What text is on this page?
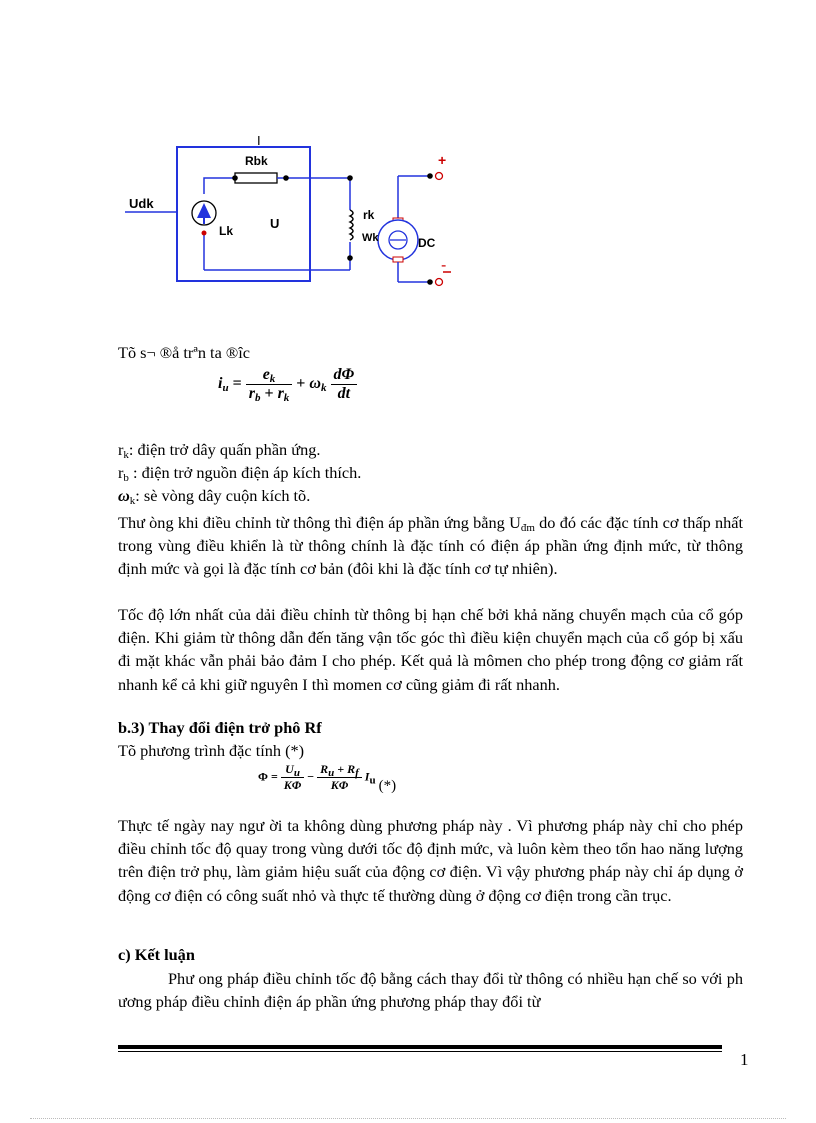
I
Rbk
Udk
Lk	U
rk
Wk	DC
+
-
Tõ s¬ ®å trªn ta ®îc
$i_u = \frac{e_k}{r_b + r_k} + \omega_k \frac{d\Phi}{dt}$
$r_k$: điện trở dây quấn phần ứng.
$r_b$ : điện trở nguồn điện áp kích thích.
$\omega_k$: sè vòng dây cuộn kích tõ.
Thư òng khi điều chỉnh từ thông thì điện áp phần ứng bằng $U_{đm}$ do đó các đặc tính cơ thấp nhất trong vùng điều khiển là từ thông chính là đặc tính có điện áp phần ứng định mức, từ thông định mức và gọi là đặc tính cơ bản (đôi khi là đặc tính cơ tự nhiên).
Tốc độ lớn nhất của dải điều chỉnh từ thông bị hạn chế bởi khả năng chuyển mạch của cổ góp điện. Khi giảm từ thông dẫn đến tăng vận tốc góc thì điều kiện chuyển mạch của cổ góp bị xấu đi mặt khác vẫn phải bảo đảm I cho phép. Kết quả là mômen cho phép trong động cơ giảm rất nhanh kể cả khi giữ nguyên I thì momen cơ cũng giảm đi rất nhanh.
b.3) Thay đổi điện trở phô Rf
Tõ phương trình đặc tính (*)
$\Phi = \frac{U_u}{K\Phi} - \frac{R_u + R_f}{K\Phi} I_u$ (*)
Thực tế ngày nay ngư ời ta không dùng phương pháp này . Vì phương pháp này chỉ cho phép điều chỉnh tốc độ quay trong vùng dưới tốc độ định mức, và luôn kèm theo tổn hao năng lượng trên điện trở phụ, làm giảm hiệu suất của động cơ điện. Vì vậy phương pháp này chỉ áp dụng ở động cơ điện có công suất nhỏ và thực tế thường dùng ở động cơ điện trong cần trục.
c) Kết luận
Phư ong pháp điều chỉnh tốc độ bằng cách thay đổi từ thông có nhiều hạn chế so với ph ương pháp điều chỉnh điện áp phần ứng phương pháp thay đổi từ
1
